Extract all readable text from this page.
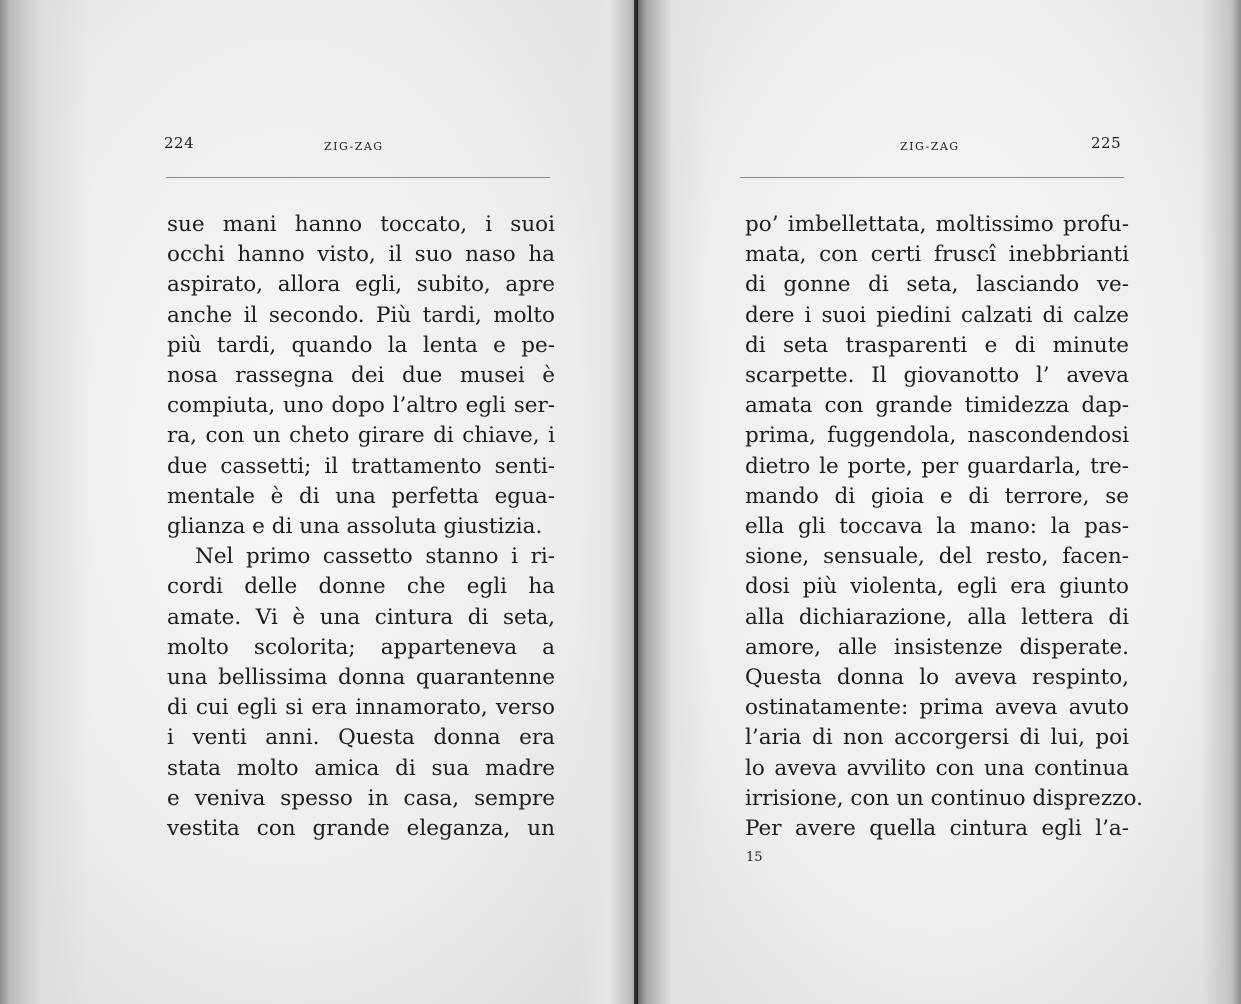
224	ZIG-ZAG
sue mani hanno toccato, i suoi
occhi hanno visto, il suo naso ha
aspirato, allora egli, subito, apre
anche il secondo. Più tardi, molto
più tardi, quando la lenta e pe-
nosa rassegna dei due musei è
compiuta, uno dopo l’altro egli ser-
ra, con un cheto girare di chiave, i
due cassetti; il trattamento senti-
mentale è di una perfetta egua-
glianza e di una assoluta giustizia.
Nel primo cassetto stanno i ri-
cordi delle donne che egli ha
amate. Vi è una cintura di seta,
molto scolorita; apparteneva a
una bellissima donna quarantenne
di cui egli si era innamorato, verso
i venti anni. Questa donna era
stata molto amica di sua madre
e veniva spesso in casa, sempre
vestita con grande eleganza, un
ZIG-ZAG	225
po’ imbellettata, moltissimo profu-
mata, con certi fruscî inebbrianti
di gonne di seta, lasciando ve-
dere i suoi piedini calzati di calze
di seta trasparenti e di minute
scarpette. Il giovanotto l’ aveva
amata con grande timidezza dap-
prima, fuggendola, nascondendosi
dietro le porte, per guardarla, tre-
mando di gioia e di terrore, se
ella gli toccava la mano: la pas-
sione, sensuale, del resto, facen-
dosi più violenta, egli era giunto
alla dichiarazione, alla lettera di
amore, alle insistenze disperate.
Questa donna lo aveva respinto,
ostinatamente: prima aveva avuto
l’aria di non accorgersi di lui, poi
lo aveva avvilito con una continua
irrisione, con un continuo disprezzo.
Per avere quella cintura egli l’a-
15
